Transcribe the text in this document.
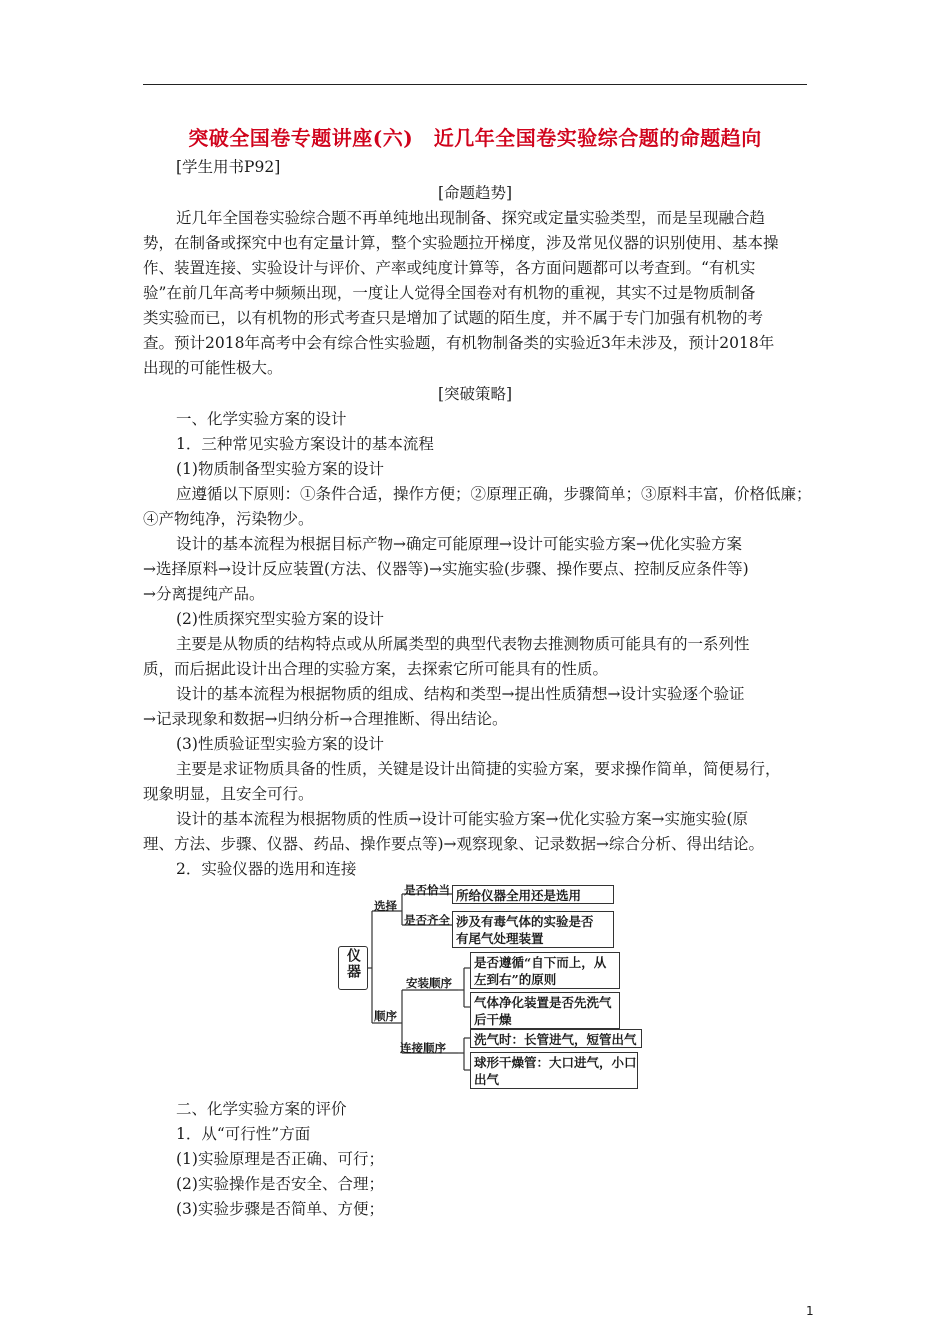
突破全国卷专题讲座(六)　近几年全国卷实验综合题的命题趋向
[学生用书P92]
[命题趋势]
近几年全国卷实验综合题不再单纯地出现制备、探究或定量实验类型，而是呈现融合趋
势，在制备或探究中也有定量计算，整个实验题拉开梯度，涉及常见仪器的识别使用、基本操
作、装置连接、实验设计与评价、产率或纯度计算等，各方面问题都可以考查到。“有机实
验”在前几年高考中频频出现，一度让人觉得全国卷对有机物的重视，其实不过是物质制备
类实验而已，以有机物的形式考查只是增加了试题的陌生度，并不属于专门加强有机物的考
查。预计2018年高考中会有综合性实验题，有机物制备类的实验近3年未涉及，预计2018年
出现的可能性极大。
[突破策略]
一、化学实验方案的设计
1．三种常见实验方案设计的基本流程
(1)物质制备型实验方案的设计
应遵循以下原则：①条件合适，操作方便；②原理正确，步骤简单；③原料丰富，价格低廉；
④产物纯净，污染物少。
设计的基本流程为根据目标产物→确定可能原理→设计可能实验方案→优化实验方案
→选择原料→设计反应装置(方法、仪器等)→实施实验(步骤、操作要点、控制反应条件等)
→分离提纯产品。
(2)性质探究型实验方案的设计
主要是从物质的结构特点或从所属类型的典型代表物去推测物质可能具有的一系列性
质，而后据此设计出合理的实验方案，去探索它所可能具有的性质。
设计的基本流程为根据物质的组成、结构和类型→提出性质猜想→设计实验逐个验证
→记录现象和数据→归纳分析→合理推断、得出结论。
(3)性质验证型实验方案的设计
主要是求证物质具备的性质，关键是设计出简捷的实验方案，要求操作简单，简便易行，
现象明显，且安全可行。
设计的基本流程为根据物质的性质→设计可能实验方案→优化实验方案→实施实验(原
理、方法、步骤、仪器、药品、操作要点等)→观察现象、记录数据→综合分析、得出结论。
2．实验仪器的选用和连接
仪器
选择
是否恰当
是否齐全
所给仪器全用还是选用
涉及有毒气体的实验是否
有尾气处理装置
顺序
安装顺序
连接顺序
是否遵循“自下而上，从
左到右”的原则
气体净化装置是否先洗气
后干燥
洗气时：长管进气，短管出气
球形干燥管：大口进气，小口
出气
二、化学实验方案的评价
1．从“可行性”方面
(1)实验原理是否正确、可行；
(2)实验操作是否安全、合理；
(3)实验步骤是否简单、方便；
1
